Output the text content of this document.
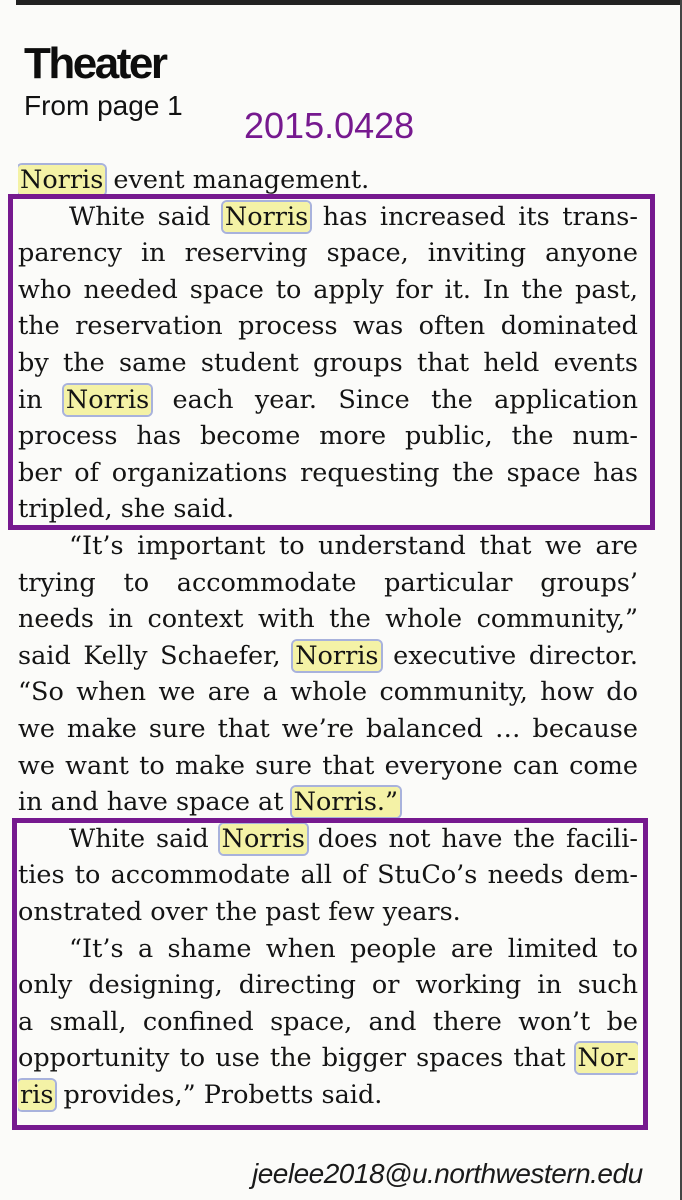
Theater
From page 1 2015.0428
Norris event management.
  White said Norris has increased its trans-
parency in reserving space, inviting anyone
who needed space to apply for it. In the past,
the reservation process was often dominated
by the same student groups that held events
in Norris each year. Since the application
process has become more public, the num-
ber of organizations requesting the space has
tripled, she said.
  “It’s important to understand that we are
trying to accommodate particular groups’
needs in context with the whole community,”
said Kelly Schaefer, Norris executive director.
“So when we are a whole community, how do
we make sure that we’re balanced … because
we want to make sure that everyone can come
in and have space at Norris.”
  White said Norris does not have the facili-
ties to accommodate all of StuCo’s needs dem-
onstrated over the past few years.
  “It’s a shame when people are limited to
only designing, directing or working in such
a small, confined space, and there won’t be
opportunity to use the bigger spaces that Nor-
ris provides,” Probetts said.
jeelee2018@u.northwestern.edu
